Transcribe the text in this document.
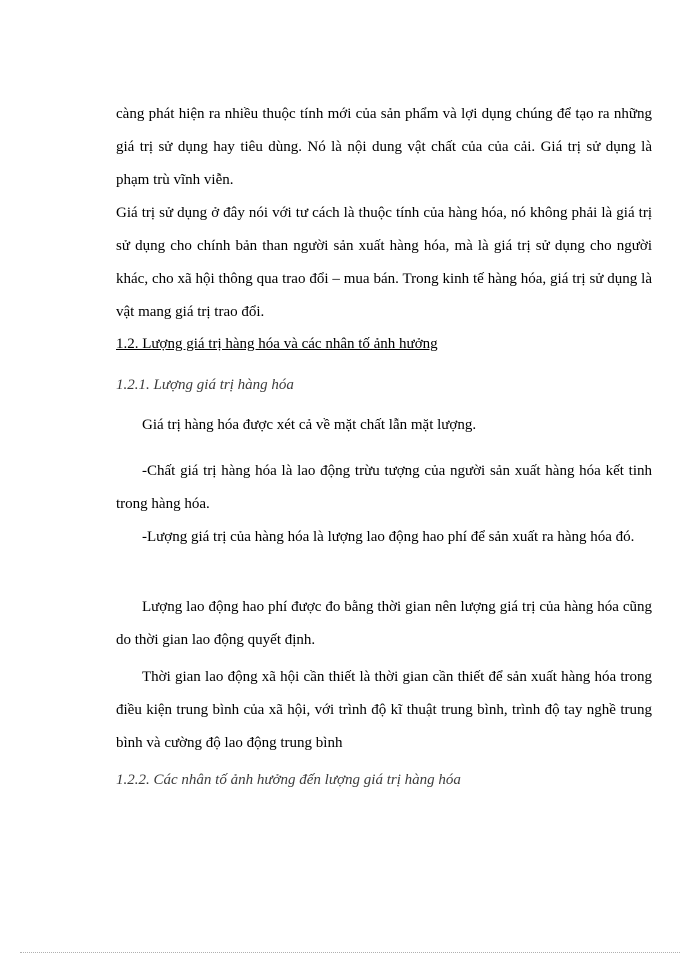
càng phát hiện ra nhiều thuộc tính mới của sản phẩm và lợi dụng chúng để tạo ra những giá trị sử dụng hay tiêu dùng. Nó là nội dung vật chất của của cải. Giá trị sử dụng là phạm trù vĩnh viễn.

Giá trị sử dụng ở đây nói với tư cách là thuộc tính của hàng hóa, nó không phải là giá trị sử dụng cho chính bản than người sản xuất hàng hóa, mà là giá trị sử dụng cho người khác, cho xã hội thông qua trao đổi – mua bán. Trong kinh tế hàng hóa, giá trị sử dụng là vật mang giá trị trao đổi.

1.2. Lượng giá trị hàng hóa và các nhân tố ảnh hưởng

1.2.1. Lượng giá trị hàng hóa

Giá trị hàng hóa được xét cả về mặt chất lẫn mặt lượng.

-Chất giá trị hàng hóa là lao động trừu tượng của người sản xuất hàng hóa kết tinh trong hàng hóa.

-Lượng giá trị của hàng hóa là lượng lao động hao phí để sản xuất ra hàng hóa đó.

Lượng lao động hao phí được đo bằng thời gian nên lượng giá trị của hàng hóa cũng do thời gian lao động quyết định.

Thời gian lao động xã hội cần thiết là thời gian cần thiết để sản xuất hàng hóa trong điều kiện trung bình của xã hội, với trình độ kĩ thuật trung bình, trình độ tay nghề trung bình và cường độ lao động trung bình

1.2.2. Các nhân tố ảnh hưởng đến lượng giá trị hàng hóa
